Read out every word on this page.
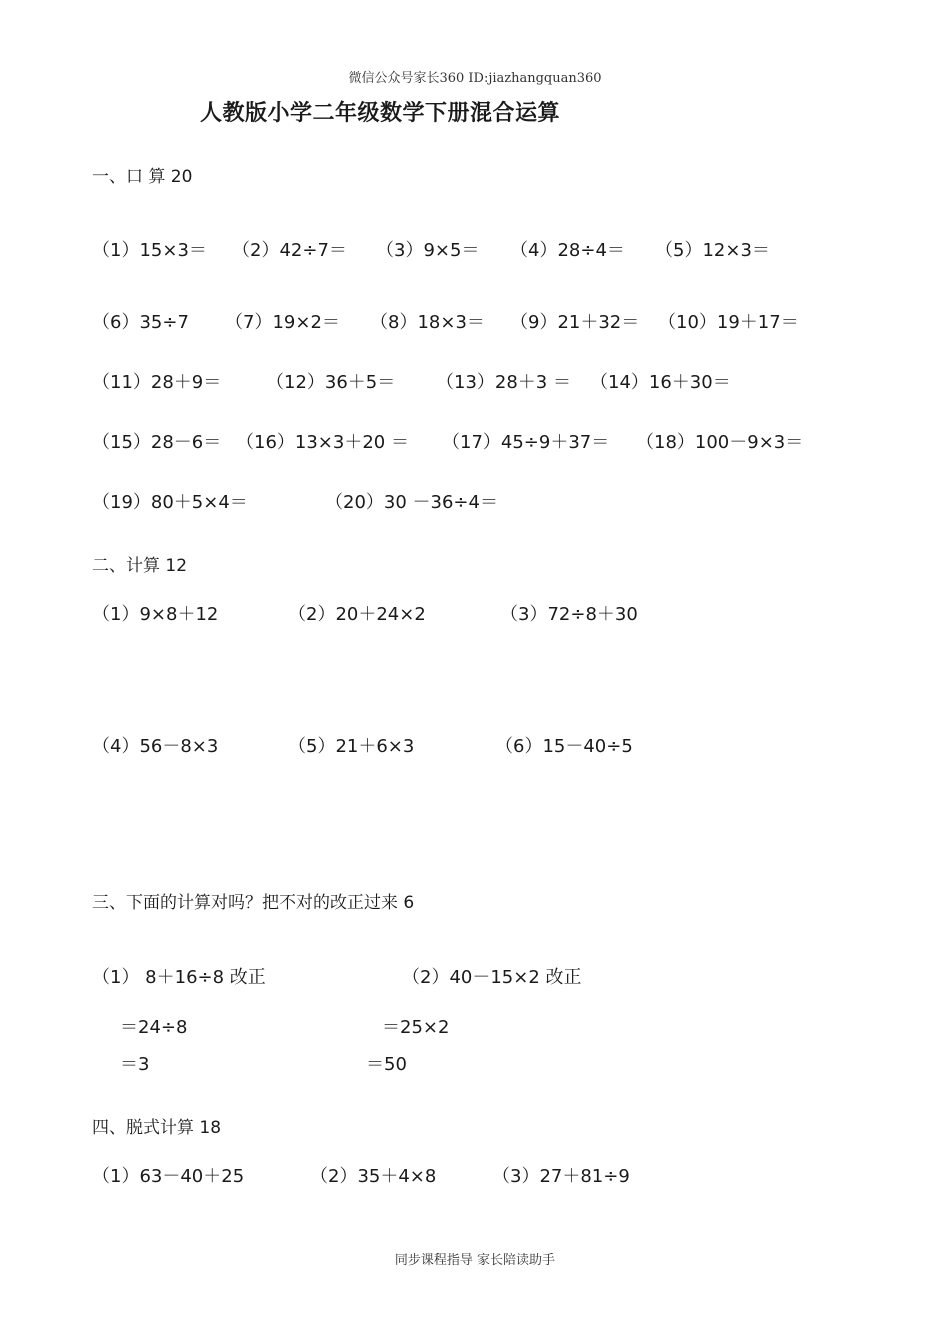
微信公众号家长360 ID:jiazhangquan360
人教版小学二年级数学下册混合运算
一、口 算 20
（1）15×3＝ （2）42÷7＝ （3）9×5＝ （4）28÷4＝ （5）12×3＝
（6）35÷7 （7）19×2＝ （8）18×3＝ （9）21＋32＝ （10）19＋17＝
（11）28＋9＝ （12）36＋5＝ （13）28＋3 ＝ （14）16＋30＝
（15）28－6＝ （16）13×3＋20 ＝ （17）45÷9＋37＝ （18）100－9×3＝
（19）80＋5×4＝	（20）30 －36÷4＝
二、计算 12
（1）9×8＋12	（2）20＋24×2	（3）72÷8＋30
（4）56－8×3	（5）21＋6×3	（6）15－40÷5
三、下面的计算对吗？把不对的改正过来 6
（1） 8＋16÷8 改正
＝24÷8
＝3
（2）40－15×2 改正
＝25×2
＝50
四、脱式计算 18
（1）63－40＋25	（2）35＋4×8	（3）27＋81÷9
同步课程指导 家长陪读助手
